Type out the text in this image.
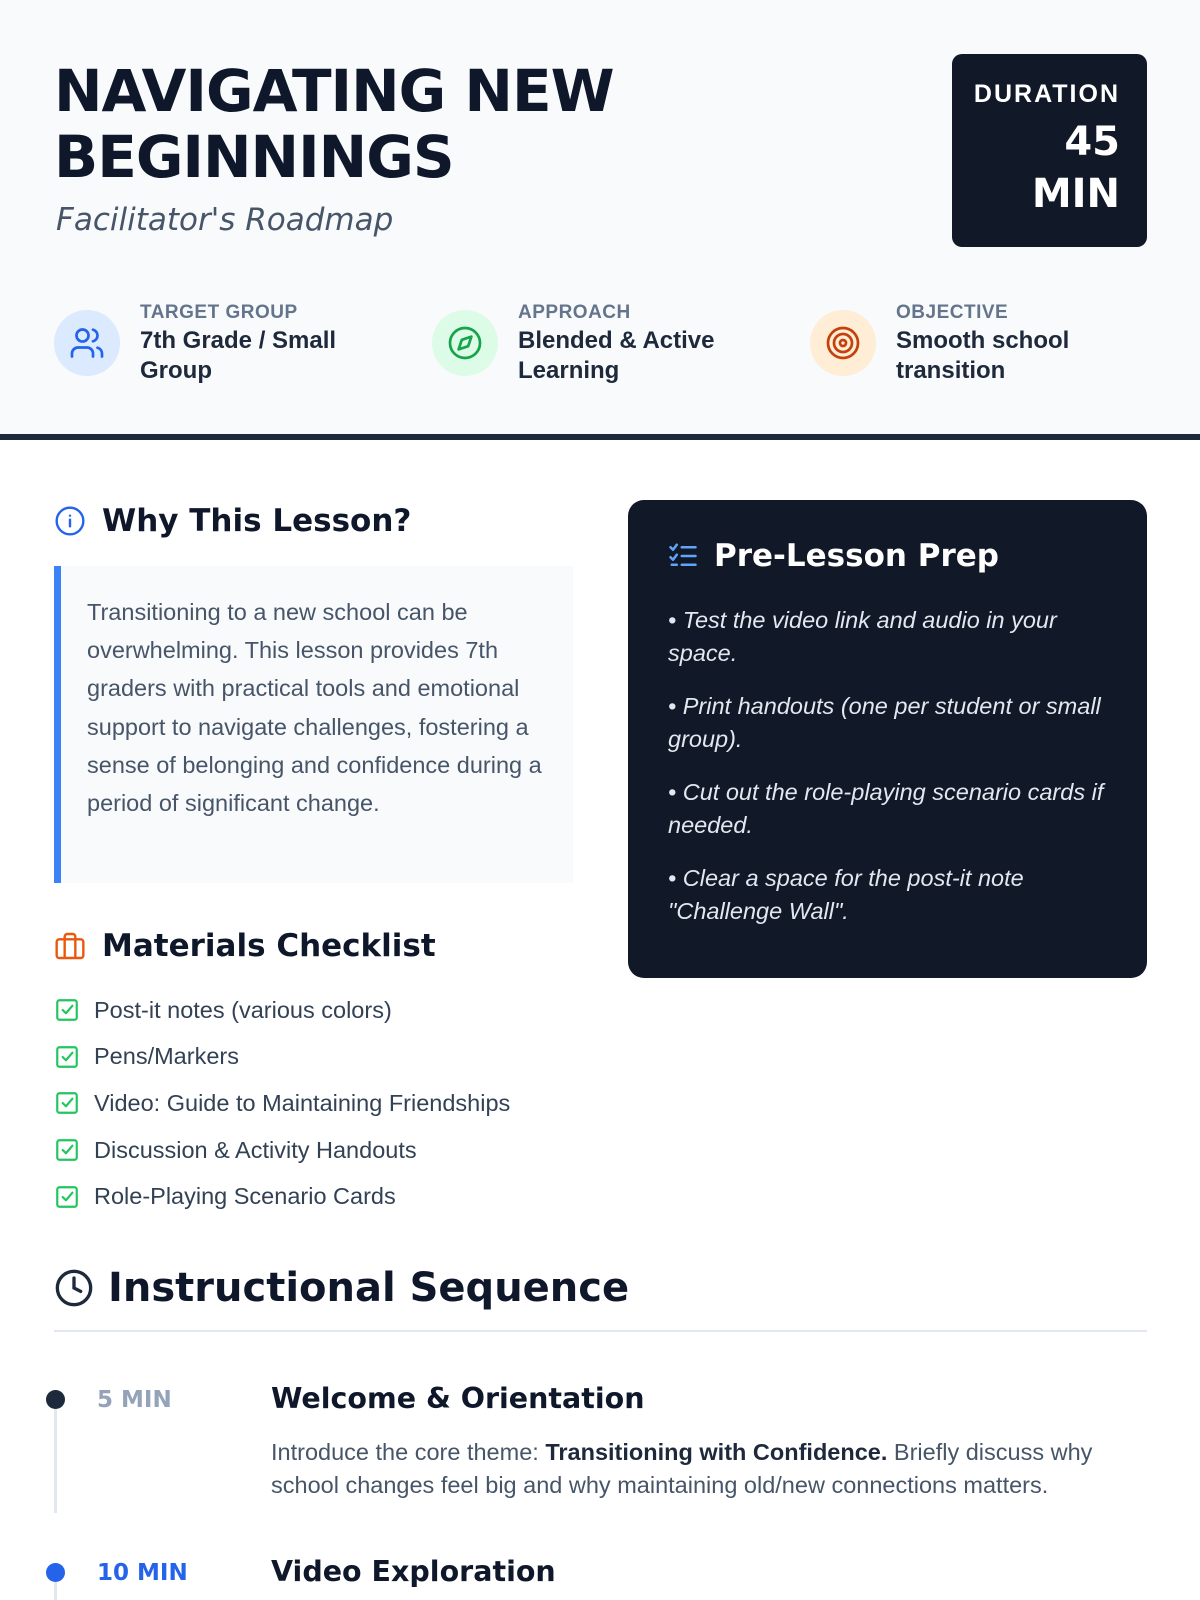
NAVIGATING NEW BEGINNINGS
Facilitator's Roadmap
DURATION
45
MIN
TARGET GROUP
7th Grade / Small Group
APPROACH
Blended & Active Learning
OBJECTIVE
Smooth school transition
Why This Lesson?
Transitioning to a new school can be overwhelming. This lesson provides 7th graders with practical tools and emotional support to navigate challenges, fostering a sense of belonging and confidence during a period of significant change.
Materials Checklist
Post-it notes (various colors)
Pens/Markers
Video: Guide to Maintaining Friendships
Discussion & Activity Handouts
Role-Playing Scenario Cards
Pre-Lesson Prep
• Test the video link and audio in your space.
• Print handouts (one per student or small group).
• Cut out the role-playing scenario cards if needed.
• Clear a space for the post-it note "Challenge Wall".
Instructional Sequence
5 MIN	Welcome & Orientation
Introduce the core theme: Transitioning with Confidence. Briefly discuss why school changes feel big and why maintaining old/new connections matters.
10 MIN	Video Exploration
